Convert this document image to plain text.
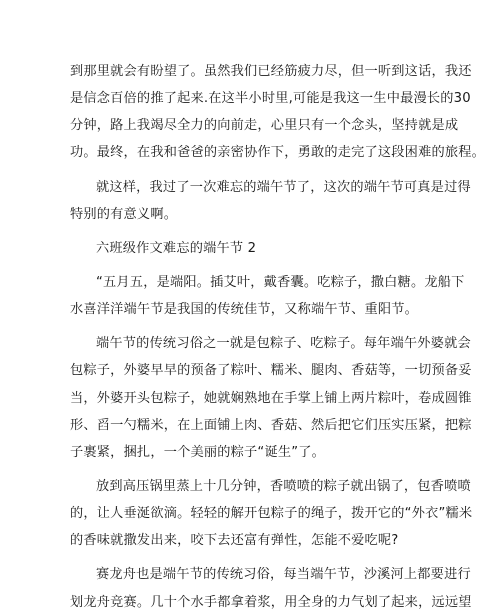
到那里就会有盼望了。虽然我们已经筋疲力尽，但一听到这话，我还
是信念百倍的推了起来.在这半小时里,可能是我这一生中最漫长的30
分钟，路上我竭尽全力的向前走，心里只有一个念头，坚持就是成
功。最终，在我和爸爸的亲密协作下，勇敢的走完了这段困难的旅程。
就这样，我过了一次难忘的端午节了，这次的端午节可真是过得
特别的有意义啊。
六班级作文难忘的端午节 2
“五月五，是端阳。插艾叶，戴香囊。吃粽子，撒白糖。龙船下
水喜洋洋端午节是我国的传统佳节，又称端午节、重阳节。
端午节的传统习俗之一就是包粽子、吃粽子。每年端午外婆就会
包粽子，外婆早早的预备了粽叶、糯米、腿肉、香菇等，一切预备妥
当，外婆开头包粽子，她就娴熟地在手掌上铺上两片粽叶，卷成圆锥
形、舀一勺糯米，在上面铺上肉、香菇、然后把它们压实压紧，把粽
子裹紧，捆扎，一个美丽的粽子“诞生”了。
放到高压锅里蒸上十几分钟，香喷喷的粽子就出锅了，包香喷喷
的，让人垂涎欲滴。轻轻的解开包粽子的绳子，拨开它的“外衣”糯米
的香味就撒发出来，咬下去还富有弹性，怎能不爱吃呢?
赛龙舟也是端午节的传统习俗，每当端午节，沙溪河上都要进行
划龙舟竞赛。几十个水手都拿着浆，用全身的力气划了起来，远远望
